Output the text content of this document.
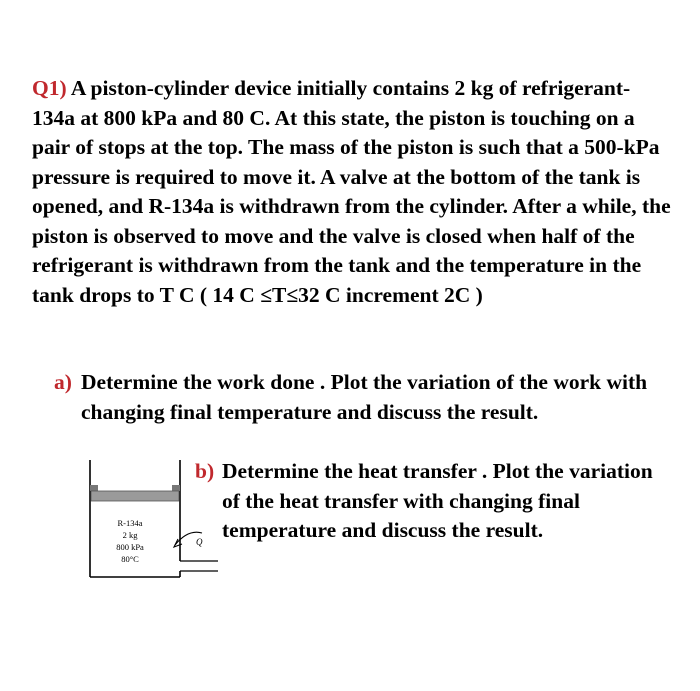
Q1) A piston-cylinder device initially contains 2 kg of refrigerant-134a at 800 kPa and 80 C. At this state, the piston is touching on a pair of stops at the top. The mass of the piston is such that a 500-kPa pressure is required to move it. A valve at the bottom of the tank is opened, and R-134a is withdrawn from the cylinder. After a while, the piston is observed to move and the valve is closed when half of the refrigerant is withdrawn from the tank and the temperature in the tank drops to T C ( 14 C ≤T≤32 C increment 2C )
a) Determine the work done . Plot the variation of the work with changing final temperature and discuss the result.
b) Determine the heat transfer . Plot the variation of the heat transfer with changing final temperature and discuss the result.
R-134a
2 kg
800 kPa
80°C
Q
